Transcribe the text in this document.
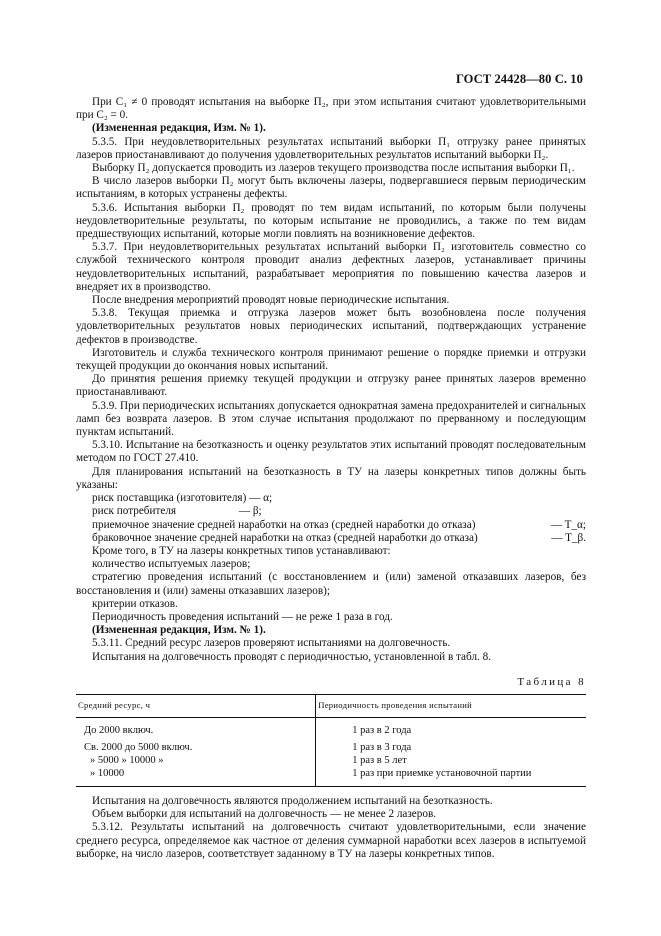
ГОСТ 24428—80 С. 10

При C₁ ≠ 0 проводят испытания на выборке П₂, при этом испытания считают удовлетворительными при C₂ = 0.

(Измененная редакция, Изм. № 1).

5.3.5. При неудовлетворительных результатах испытаний выборки П₁ отгрузку ранее принятых лазеров приостанавливают до получения удовлетворительных результатов испытаний выборки П₂.

Выборку П₂ допускается проводить из лазеров текущего производства после испытания выборки П₁.

В число лазеров выборки П₂ могут быть включены лазеры, подвергавшиеся первым периодическим испытаниям, в которых устранены дефекты.

5.3.6. Испытания выборки П₂ проводят по тем видам испытаний, по которым были получены неудовлетворительные результаты, по которым испытание не проводились, а также по тем видам предшествующих испытаний, которые могли повлиять на возникновение дефектов.

5.3.7. При неудовлетворительных результатах испытаний выборки П₂ изготовитель совместно со службой технического контроля проводит анализ дефектных лазеров, устанавливает причины неудовлетворительных испытаний, разрабатывает мероприятия по повышению качества лазеров и внедряет их в производство.

После внедрения мероприятий проводят новые периодические испытания.

5.3.8. Текущая приемка и отгрузка лазеров может быть возобновлена после получения удовлетворительных результатов новых периодических испытаний, подтверждающих устранение дефектов в производстве.

Изготовитель и служба технического контроля принимают решение о порядке приемки и отгрузки текущей продукции до окончания новых испытаний.

До принятия решения приемку текущей продукции и отгрузку ранее принятых лазеров временно приостанавливают.

5.3.9. При периодических испытаниях допускается однократная замена предохранителей и сигнальных ламп без возврата лазеров. В этом случае испытания продолжают по прерванному и последующим пунктам испытаний.

5.3.10. Испытание на безотказность и оценку результатов этих испытаний проводят последовательным методом по ГОСТ 27.410.

Для планирования испытаний на безотказность в ТУ на лазеры конкретных типов должны быть указаны:

риск поставщика (изготовителя) — α;

риск потребителя	— β;
приемочное значение средней наработки на отказ (средней наработки до отказа)	— T_α;
браковочное значение средней наработки на отказ (средней наработки до отказа)	— T_β.

Кроме того, в ТУ на лазеры конкретных типов устанавливают:

количество испытуемых лазеров;

стратегию проведения испытаний (с восстановлением и (или) заменой отказавших лазеров, без восстановления и (или) замены отказавших лазеров);

критерии отказов.

Периодичность проведения испытаний — не реже 1 раза в год.

(Измененная редакция, Изм. № 1).

5.3.11. Средний ресурс лазеров проверяют испытаниями на долговечность.

Испытания на долговечность проводят с периодичностью, установленной в табл. 8.

Таблица 8
Средний ресурс, ч	Периодичность проведения испытаний
До 2000 включ.	1 раз в 2 года
Св. 2000 до 5000 включ.	1 раз в 3 года
» 5000 » 10000 »	1 раз в 5 лет
» 10000	1 раз при приемке установочной партии

Испытания на долговечность являются продолжением испытаний на безотказность.

Объем выборки для испытаний на долговечность — не менее 2 лазеров.

5.3.12. Результаты испытаний на долговечность считают удовлетворительными, если значение среднего ресурса, определяемое как частное от деления суммарной наработки всех лазеров в испытуемой выборке, на число лазеров, соответствует заданному в ТУ на лазеры конкретных типов.
